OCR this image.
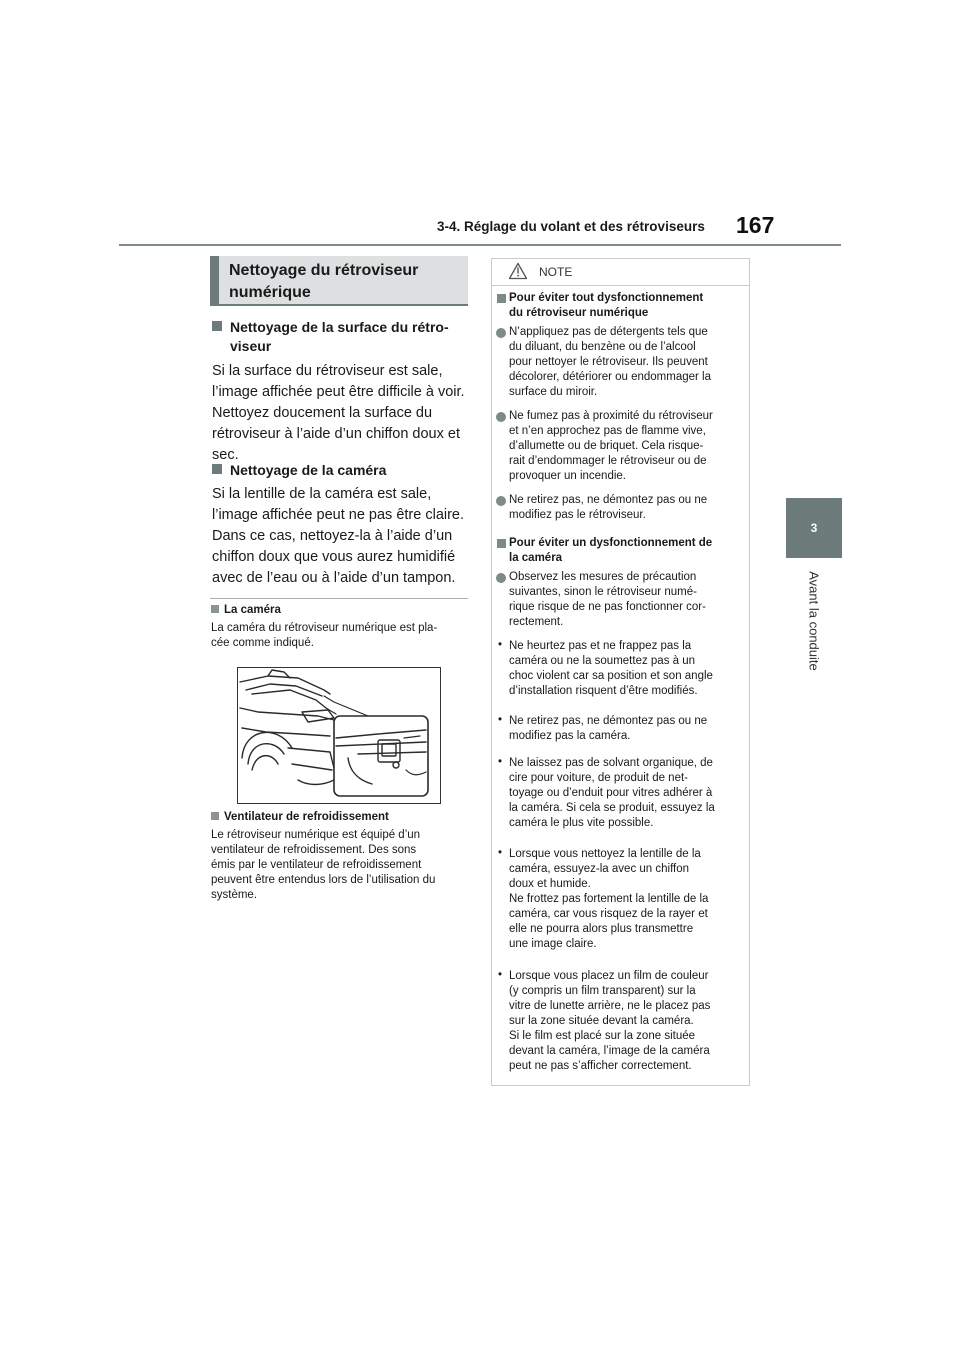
3-4. Réglage du volant et des rétroviseurs 167
3
Avant la conduite
Nettoyage du rétroviseur
numérique
Nettoyage de la surface du rétro-
viseur
Si la surface du rétroviseur est sale,
l’image affichée peut être difficile à voir.
Nettoyez doucement la surface du
rétroviseur à l’aide d’un chiffon doux et
sec.
Nettoyage de la caméra
Si la lentille de la caméra est sale,
l’image affichée peut ne pas être claire.
Dans ce cas, nettoyez-la à l’aide d’un
chiffon doux que vous aurez humidifié
avec de l’eau ou à l’aide d’un tampon.
La caméra
La caméra du rétroviseur numérique est pla-
cée comme indiqué.
Ventilateur de refroidissement
Le rétroviseur numérique est équipé d’un
ventilateur de refroidissement. Des sons
émis par le ventilateur de refroidissement
peuvent être entendus lors de l’utilisation du
système.
NOTE
Pour éviter tout dysfonctionnement
du rétroviseur numérique
N’appliquez pas de détergents tels que
du diluant, du benzène ou de l’alcool
pour nettoyer le rétroviseur. Ils peuvent
décolorer, détériorer ou endommager la
surface du miroir.
Ne fumez pas à proximité du rétroviseur
et n’en approchez pas de flamme vive,
d’allumette ou de briquet. Cela risque-
rait d’endommager le rétroviseur ou de
provoquer un incendie.
Ne retirez pas, ne démontez pas ou ne
modifiez pas le rétroviseur.
Pour éviter un dysfonctionnement de
la caméra
Observez les mesures de précaution
suivantes, sinon le rétroviseur numé-
rique risque de ne pas fonctionner cor-
rectement.
• Ne heurtez pas et ne frappez pas la
caméra ou ne la soumettez pas à un
choc violent car sa position et son angle
d’installation risquent d’être modifiés.
• Ne retirez pas, ne démontez pas ou ne
modifiez pas la caméra.
• Ne laissez pas de solvant organique, de
cire pour voiture, de produit de net-
toyage ou d’enduit pour vitres adhérer à
la caméra. Si cela se produit, essuyez la
caméra le plus vite possible.
• Lorsque vous nettoyez la lentille de la
caméra, essuyez-la avec un chiffon
doux et humide.
Ne frottez pas fortement la lentille de la
caméra, car vous risquez de la rayer et
elle ne pourra alors plus transmettre
une image claire.
• Lorsque vous placez un film de couleur
(y compris un film transparent) sur la
vitre de lunette arrière, ne le placez pas
sur la zone située devant la caméra.
Si le film est placé sur la zone située
devant la caméra, l’image de la caméra
peut ne pas s’afficher correctement.
